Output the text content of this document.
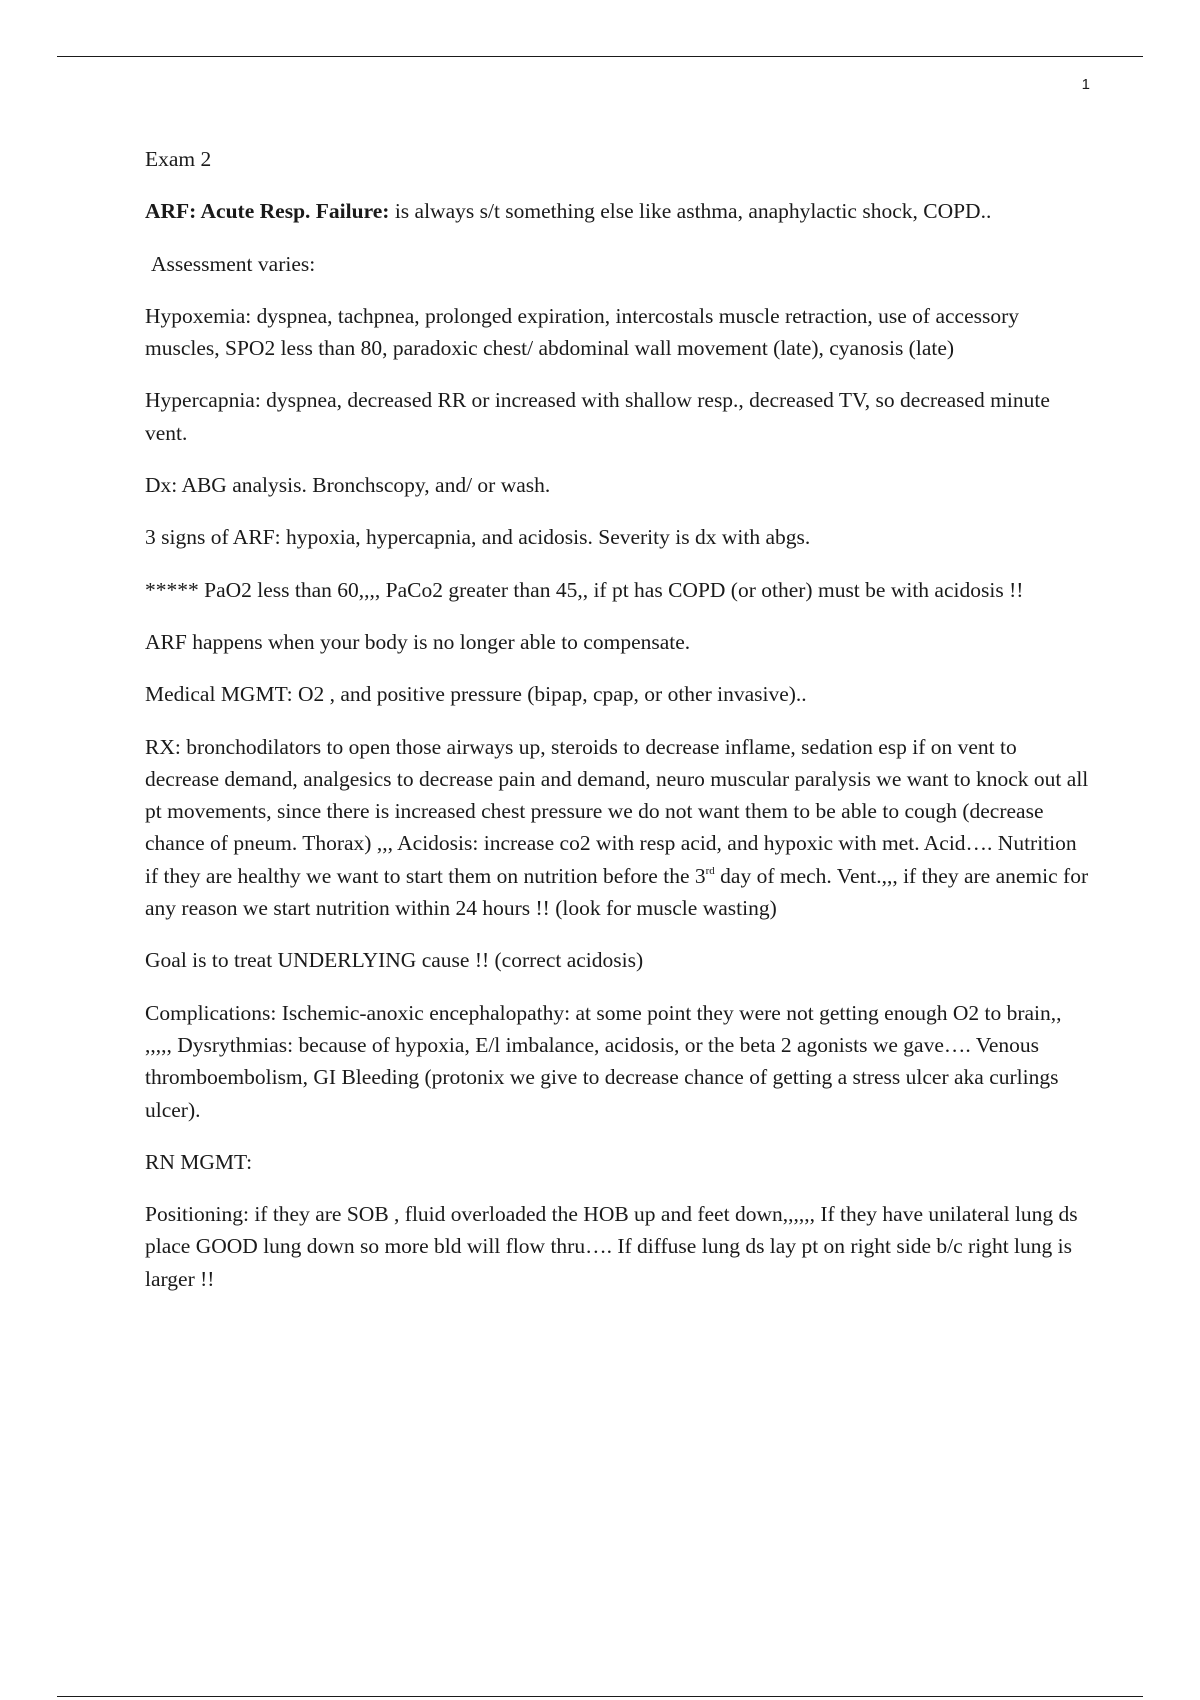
1

Exam 2

ARF: Acute Resp. Failure: is always s/t something else like asthma, anaphylactic shock, COPD..

Assessment varies:

Hypoxemia: dyspnea, tachpnea, prolonged expiration, intercostals muscle retraction, use of accessory muscles, SPO2 less than 80, paradoxic chest/ abdominal wall movement (late), cyanosis (late)

Hypercapnia: dyspnea, decreased RR or increased with shallow resp., decreased TV, so decreased minute vent.

Dx: ABG analysis. Bronchscopy, and/ or wash.

3 signs of ARF: hypoxia, hypercapnia, and acidosis. Severity is dx with abgs.

***** PaO2 less than 60,,,, PaCo2 greater than 45,, if pt has COPD (or other) must be with acidosis !!

ARF happens when your body is no longer able to compensate.

Medical MGMT: O2 , and positive pressure (bipap, cpap, or other invasive)..

RX: bronchodilators to open those airways up, steroids to decrease inflame, sedation esp if on vent to decrease demand, analgesics to decrease pain and demand, neuro muscular paralysis we want to knock out all pt movements, since there is increased chest pressure we do not want them to be able to cough (decrease chance of pneum. Thorax) ,,, Acidosis: increase co2 with resp acid, and hypoxic with met. Acid…. Nutrition if they are healthy we want to start them on nutrition before the 3rd day of mech. Vent.,,, if they are anemic for any reason we start nutrition within 24 hours !! (look for muscle wasting)

Goal is to treat UNDERLYING cause !! (correct acidosis)

Complications: Ischemic-anoxic encephalopathy: at some point they were not getting enough O2 to brain,, ,,,,, Dysrythmias: because of hypoxia, E/l imbalance, acidosis, or the beta 2 agonists we gave…. Venous thromboembolism, GI Bleeding (protonix we give to decrease chance of getting a stress ulcer aka curlings ulcer).

RN MGMT:

Positioning: if they are SOB , fluid overloaded the HOB up and feet down,,,,,, If they have unilateral lung ds place GOOD lung down so more bld will flow thru…. If diffuse lung ds lay pt on right side b/c right lung is larger !!
